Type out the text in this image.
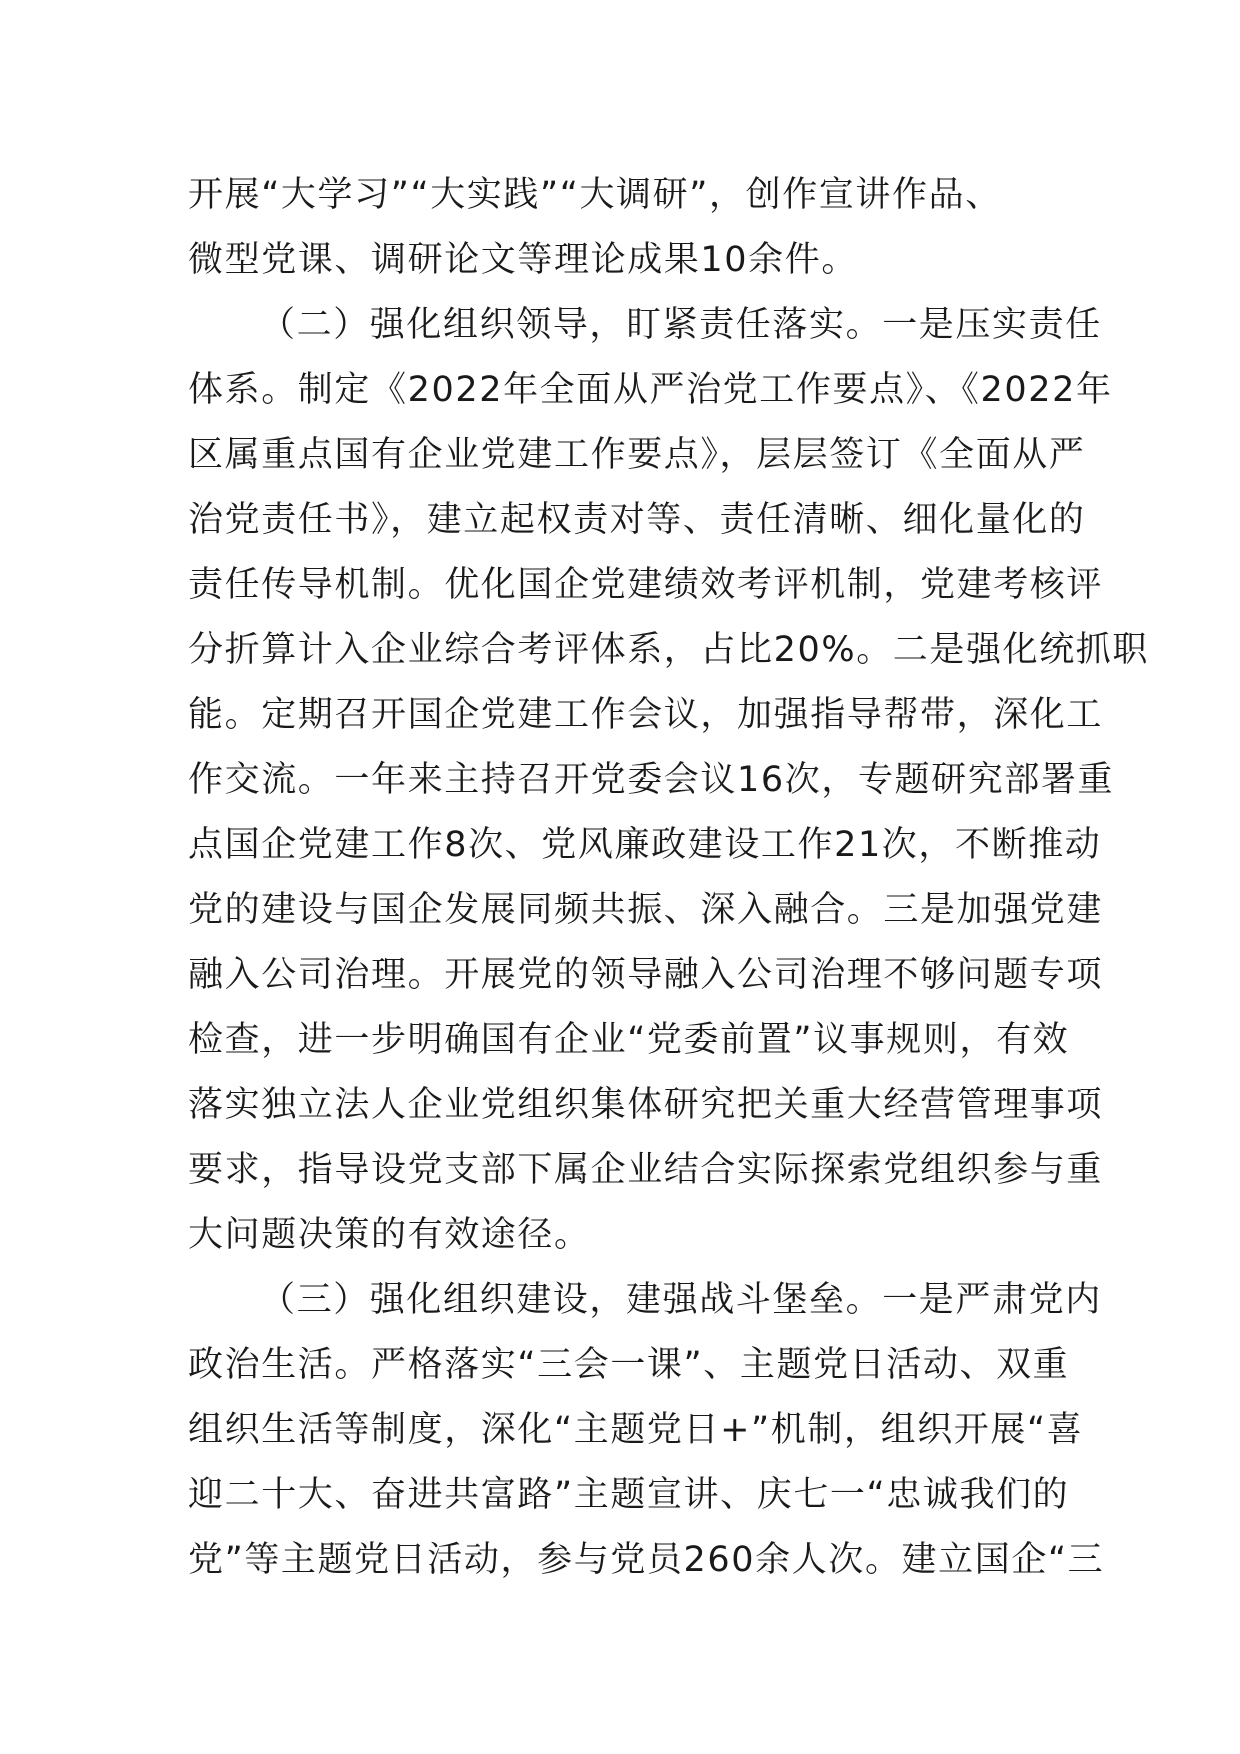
开展“大学习”“大实践”“大调研”，创作宣讲作品、
微型党课、调研论文等理论成果10余件。
（二）强化组织领导，盯紧责任落实。一是压实责任
体系。制定《2022年全面从严治党工作要点》、《2022年
区属重点国有企业党建工作要点》，层层签订《全面从严
治党责任书》，建立起权责对等、责任清晰、细化量化的
责任传导机制。优化国企党建绩效考评机制，党建考核评
分折算计入企业综合考评体系，占比20%。二是强化统抓职
能。定期召开国企党建工作会议，加强指导帮带，深化工
作交流。一年来主持召开党委会议16次，专题研究部署重
点国企党建工作8次、党风廉政建设工作21次，不断推动
党的建设与国企发展同频共振、深入融合。三是加强党建
融入公司治理。开展党的领导融入公司治理不够问题专项
检查，进一步明确国有企业“党委前置”议事规则，有效
落实独立法人企业党组织集体研究把关重大经营管理事项
要求，指导设党支部下属企业结合实际探索党组织参与重
大问题决策的有效途径。
（三）强化组织建设，建强战斗堡垒。一是严肃党内
政治生活。严格落实“三会一课”、主题党日活动、双重
组织生活等制度，深化“主题党日+”机制，组织开展“喜
迎二十大、奋进共富路”主题宣讲、庆七一“忠诚我们的
党”等主题党日活动，参与党员260余人次。建立国企“三
